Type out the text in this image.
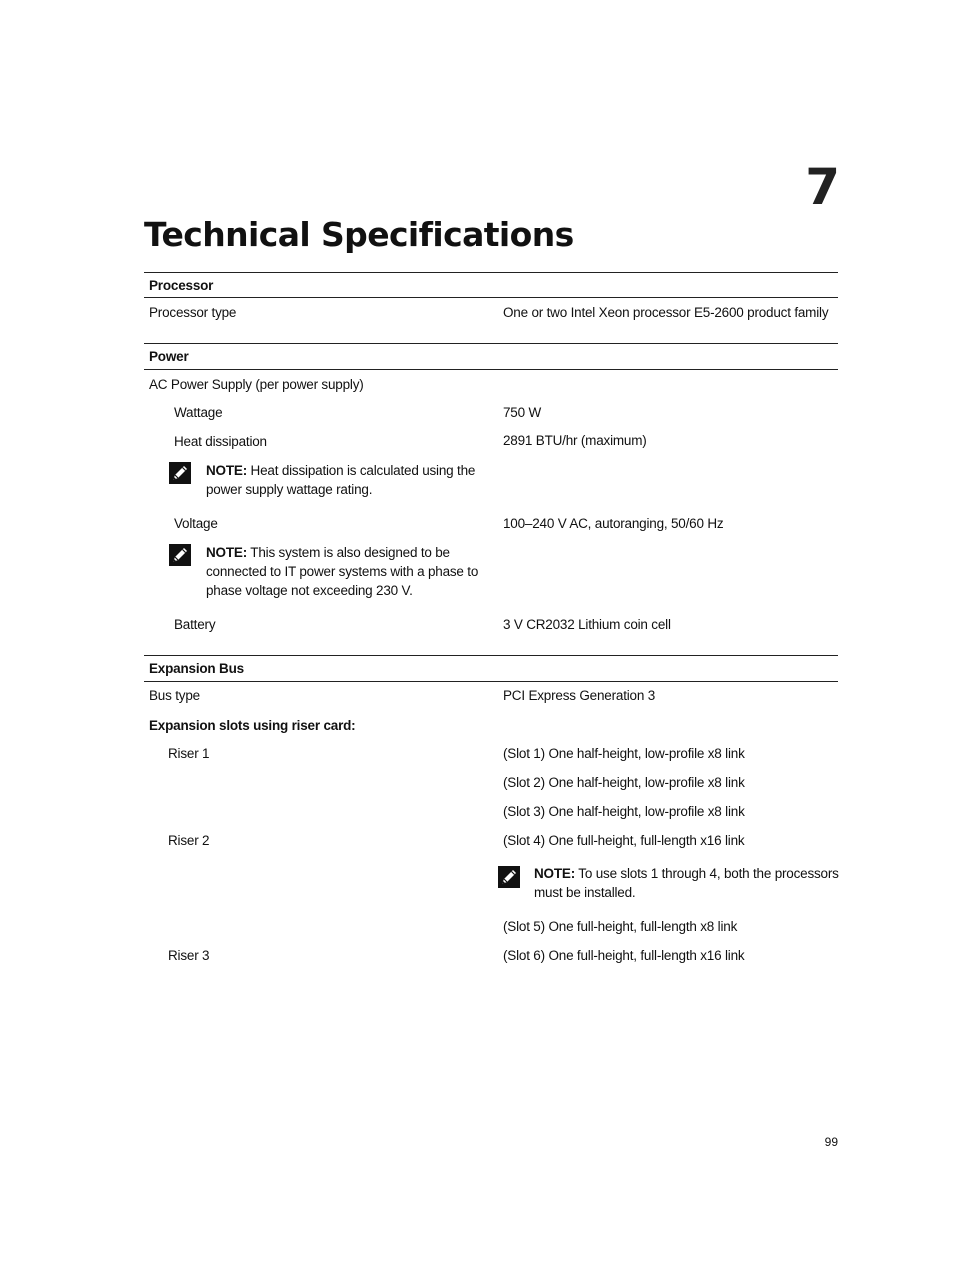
7
Technical Specifications
Processor
Processor type	One or two Intel Xeon processor E5-2600 product family
Power
AC Power Supply (per power supply)
Wattage	750 W
Heat dissipation	2891 BTU/hr (maximum)
NOTE: Heat dissipation is calculated using the
power supply wattage rating.
Voltage	100–240 V AC, autoranging, 50/60 Hz
NOTE: This system is also designed to be
connected to IT power systems with a phase to
phase voltage not exceeding 230 V.
Battery	3 V CR2032 Lithium coin cell
Expansion Bus
Bus type	PCI Express Generation 3
Expansion slots using riser card:
Riser 1	(Slot 1) One half-height, low-profile x8 link
(Slot 2) One half-height, low-profile x8 link
(Slot 3) One half-height, low-profile x8 link
Riser 2	(Slot 4) One full-height, full-length x16 link
NOTE: To use slots 1 through 4, both the processors
must be installed.
(Slot 5) One full-height, full-length x8 link
Riser 3	(Slot 6) One full-height, full-length x16 link
99
